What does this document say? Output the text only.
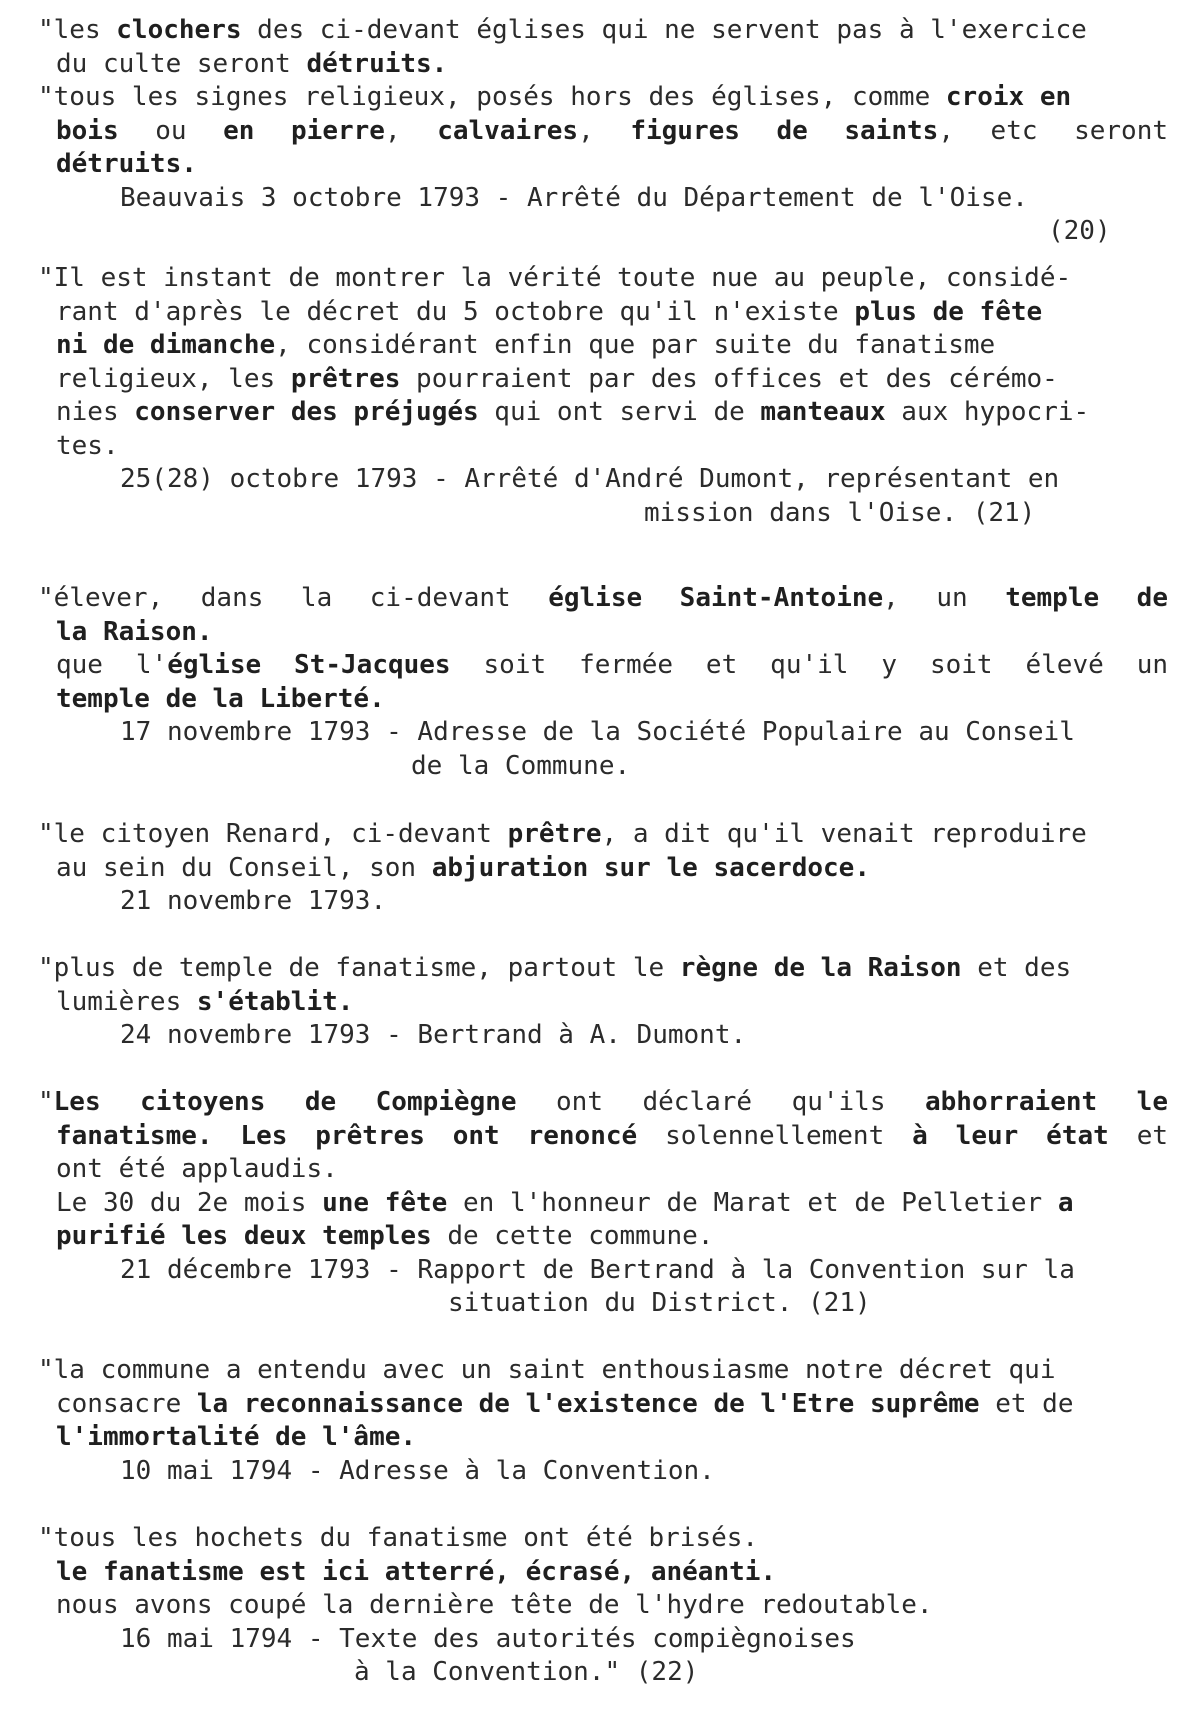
"les clochers des ci-devant églises qui ne servent pas à l'exercice
du culte seront détruits.
"tous les signes religieux, posés hors des églises, comme croix en
bois ou en pierre, calvaires, figures de saints, etc seront
détruits.
Beauvais 3 octobre 1793 - Arrêté du Département de l'Oise.
(20)
"Il est instant de montrer la vérité toute nue au peuple, considé-
rant d'après le décret du 5 octobre qu'il n'existe plus de fête
ni de dimanche, considérant enfin que par suite du fanatisme
religieux, les prêtres pourraient par des offices et des cérémo-
nies conserver des préjugés qui ont servi de manteaux aux hypocri-
tes.
25(28) octobre 1793 - Arrêté d'André Dumont, représentant en
mission dans l'Oise. (21)
"élever, dans la ci-devant église Saint-Antoine, un temple de
la Raison.
que l'église St-Jacques soit fermée et qu'il y soit élevé un
temple de la Liberté.
17 novembre 1793 - Adresse de la Société Populaire au Conseil
de la Commune.
"le citoyen Renard, ci-devant prêtre, a dit qu'il venait reproduire
au sein du Conseil, son abjuration sur le sacerdoce.
21 novembre 1793.
"plus de temple de fanatisme, partout le règne de la Raison et des
lumières s'établit.
24 novembre 1793 - Bertrand à A. Dumont.
"Les citoyens de Compiègne ont déclaré qu'ils abhorraient le
fanatisme. Les prêtres ont renoncé solennellement à leur état et
ont été applaudis.
Le 30 du 2e mois une fête en l'honneur de Marat et de Pelletier a
purifié les deux temples de cette commune.
21 décembre 1793 - Rapport de Bertrand à la Convention sur la
situation du District. (21)
"la commune a entendu avec un saint enthousiasme notre décret qui
consacre la reconnaissance de l'existence de l'Etre suprême et de
l'immortalité de l'âme.
10 mai 1794 - Adresse à la Convention.
"tous les hochets du fanatisme ont été brisés.
le fanatisme est ici atterré, écrasé, anéanti.
nous avons coupé la dernière tête de l'hydre redoutable.
16 mai 1794 - Texte des autorités compiègnoises
à la Convention." (22)
